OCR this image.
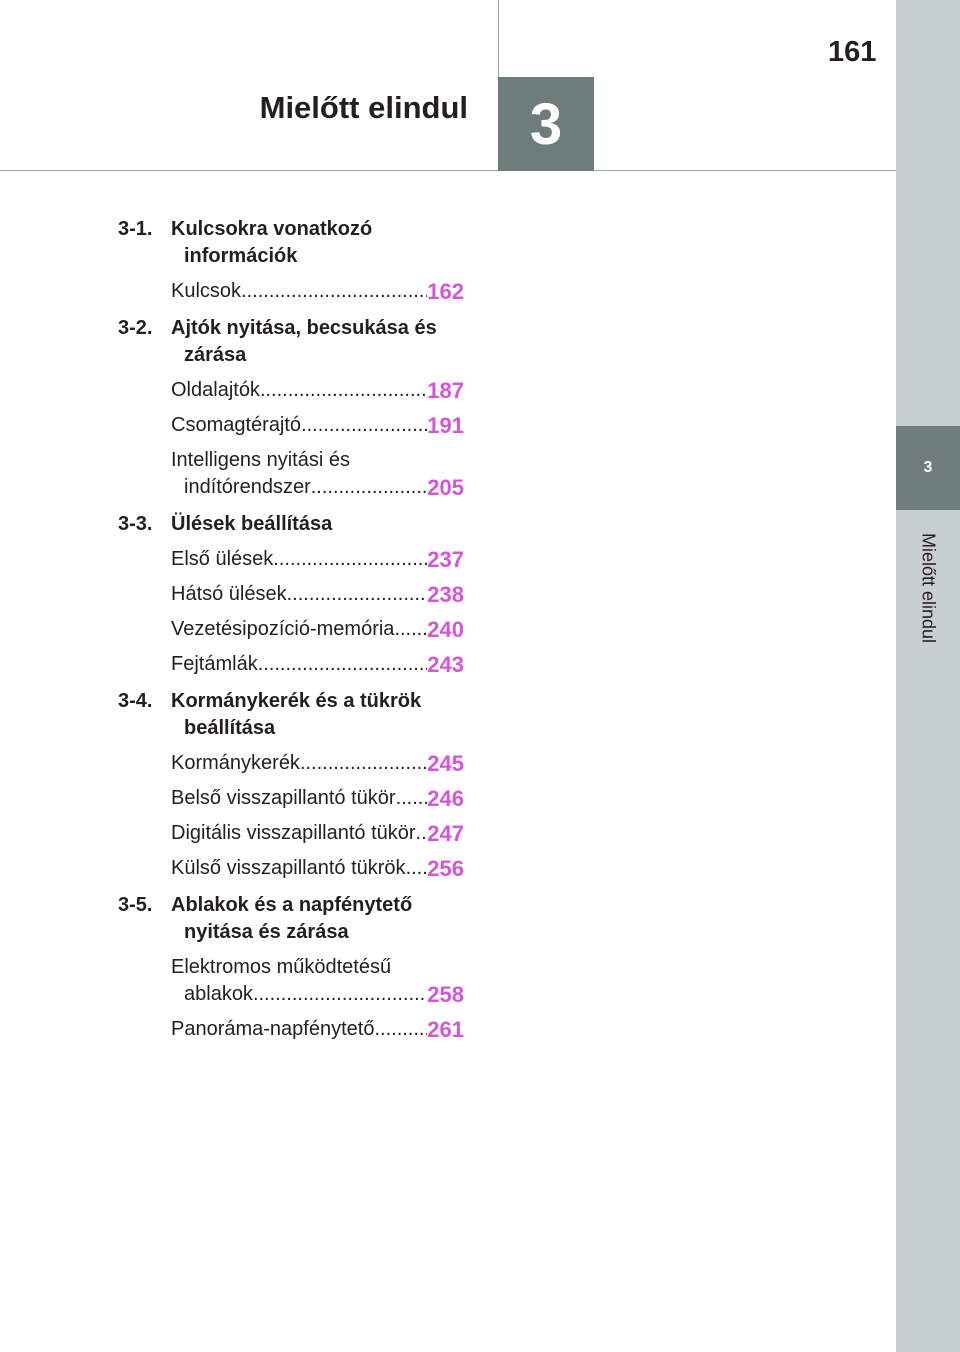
3
Mielőtt elindul
161
3
Mielőtt elindul
3-1. Kulcsokra vonatkozó információk
Kulcsok .....	162
3-2. Ajtók nyitása, becsukása és zárása
Oldalajtók .....	187
Csomagtérajtó .....	191
Intelligens nyitási és indítórendszer .....	205
3-3. Ülések beállítása
Első ülések .....	237
Hátsó ülések .....	238
Vezetésipozíció-memória .....	240
Fejtámlák .....	243
3-4. Kormánykerék és a tükrök beállítása
Kormánykerék .....	245
Belső visszapillantó tükör .....	246
Digitális visszapillantó tükör ..... 247
Külső visszapillantó tükrök ..... 256
3-5. Ablakok és a napfénytető nyitása és zárása
Elektromos működtetésű ablakok .....	258
Panoráma-napfénytető .....	261
